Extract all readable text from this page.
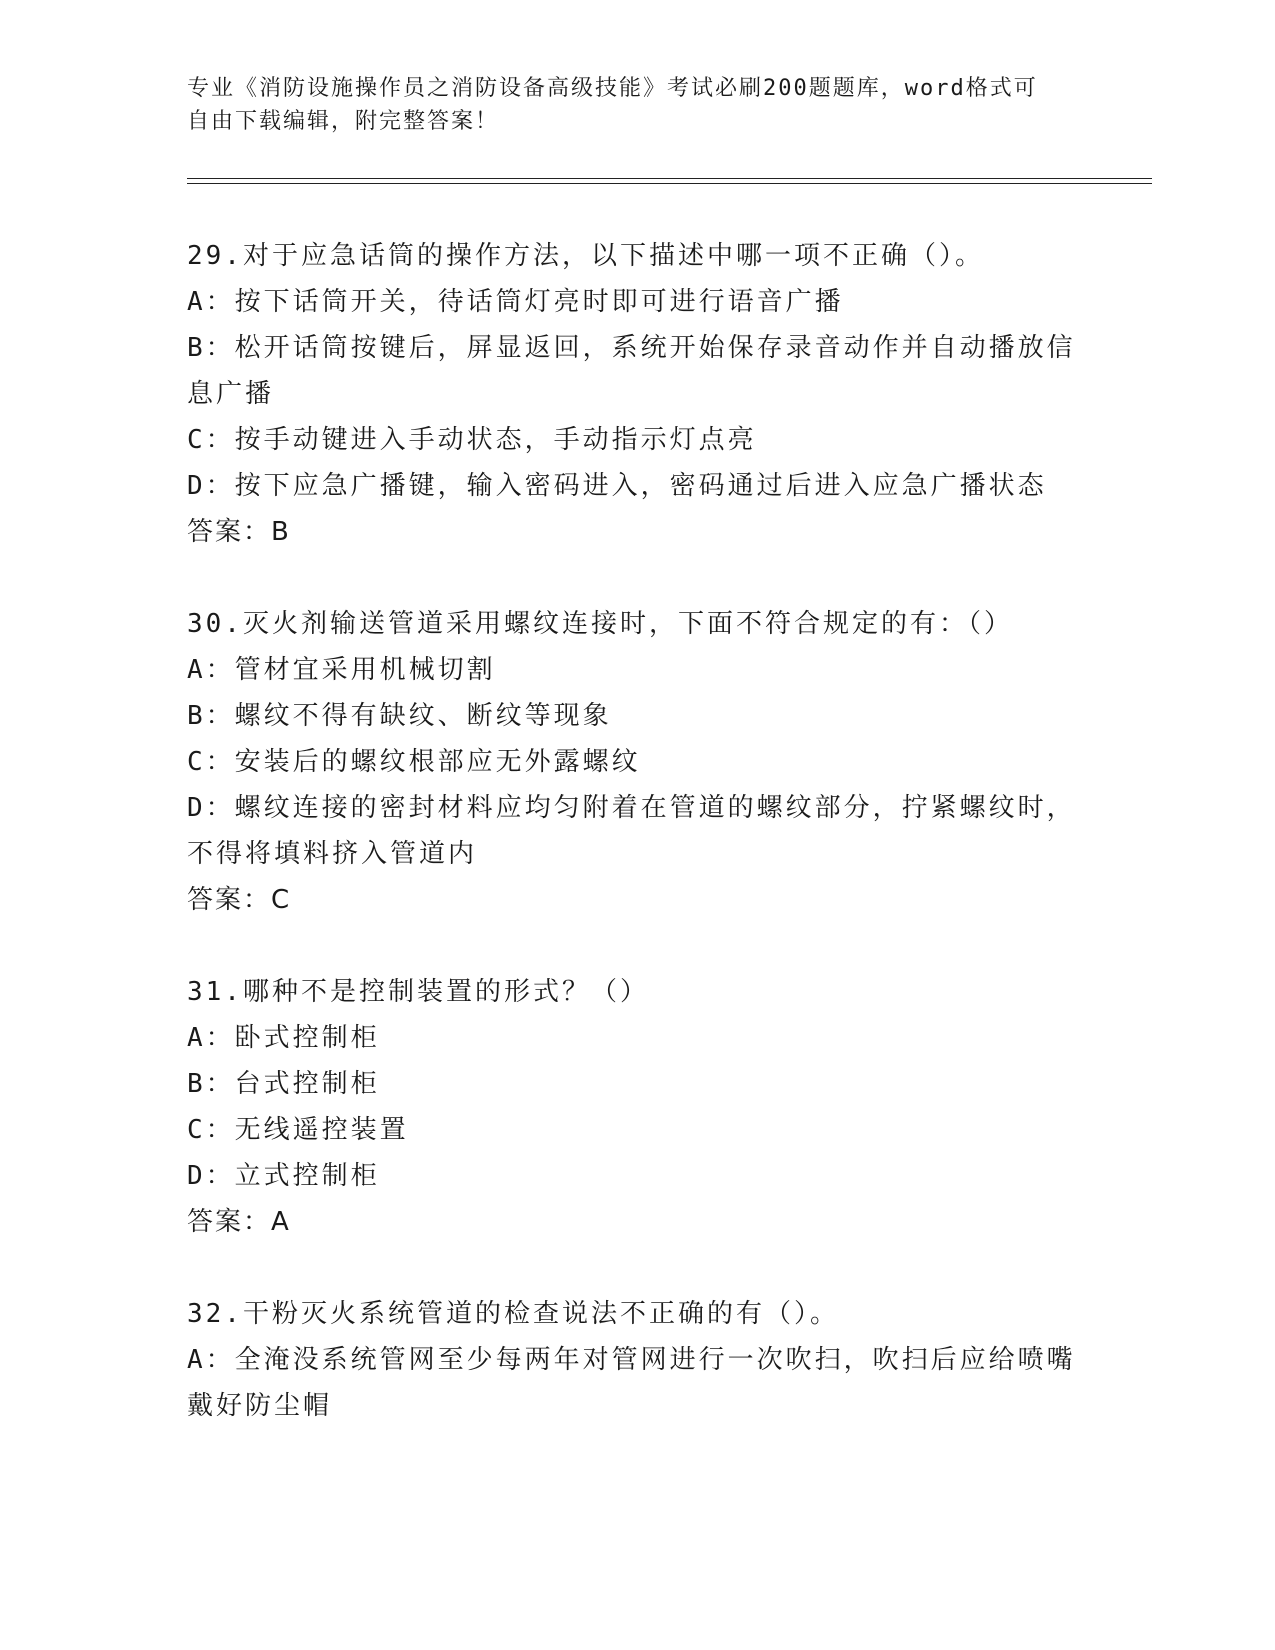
专业《消防设施操作员之消防设备高级技能》考试必刷200题题库，word格式可
自由下载编辑，附完整答案！
29.对于应急话筒的操作方法，以下描述中哪一项不正确（）。
A：按下话筒开关，待话筒灯亮时即可进行语音广播
B：松开话筒按键后，屏显返回，系统开始保存录音动作并自动播放信
息广播
C：按手动键进入手动状态，手动指示灯点亮
D：按下应急广播键，输入密码进入，密码通过后进入应急广播状态
答案：B
30.灭火剂输送管道采用螺纹连接时，下面不符合规定的有：（）
A：管材宜采用机械切割
B：螺纹不得有缺纹、断纹等现象
C：安装后的螺纹根部应无外露螺纹
D：螺纹连接的密封材料应均匀附着在管道的螺纹部分，拧紧螺纹时，
不得将填料挤入管道内
答案：C
31.哪种不是控制装置的形式？（）
A：卧式控制柜
B：台式控制柜
C：无线遥控装置
D：立式控制柜
答案：A
32.干粉灭火系统管道的检查说法不正确的有（）。
A：全淹没系统管网至少每两年对管网进行一次吹扫，吹扫后应给喷嘴
戴好防尘帽
